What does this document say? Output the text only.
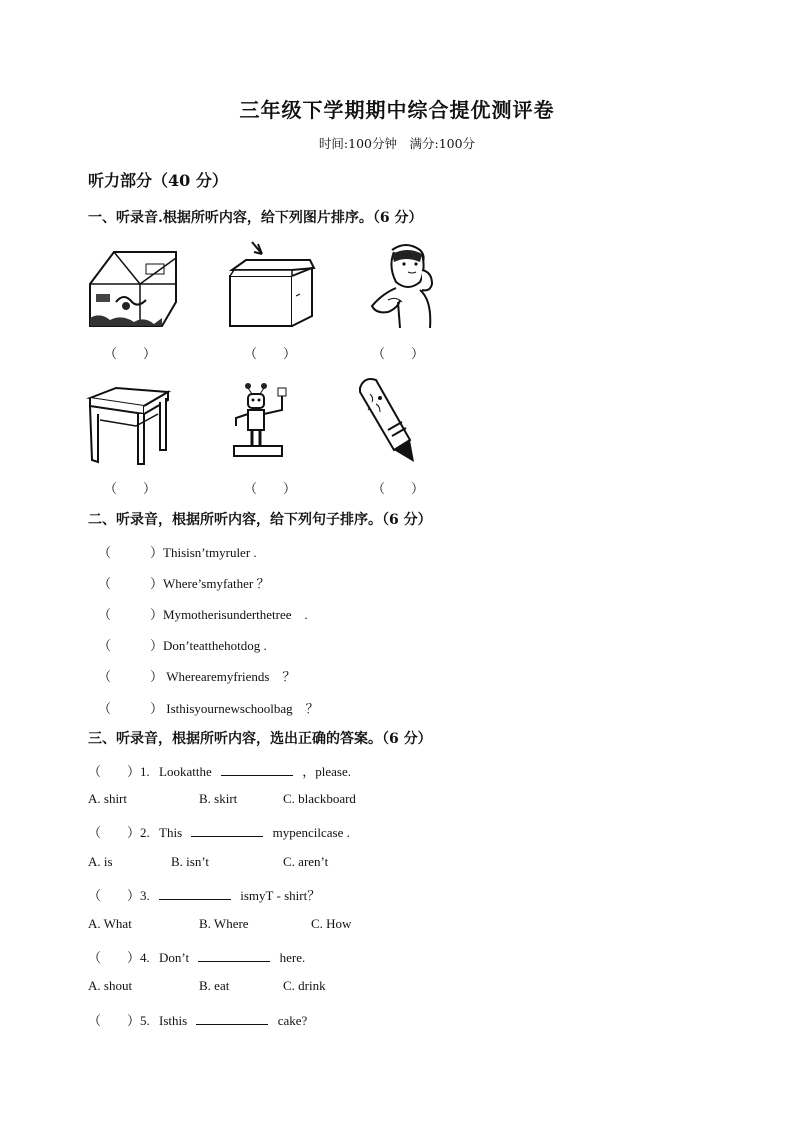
三年级下学期期中综合提优测评卷
时间:100分钟　满分:100分
听力部分（40 分）
一、听录音.根据所听内容，给下列图片排序。（6 分）
（　　）	（　　）	（　　）
（　　）	（　　）	（　　）
二、听录音，根据所听内容，给下列句子排序。（6 分）
（　　　）Thisisn’tmyruler .
（　　　）Where’smyfather ？
（　　　）Mymotherisunderthetree　.
（　　　）Don’teatthehotdog .
（　　　） Wherearemyfriends　？
（　　　） Isthisyournewschoolbag　？
三、听录音，根据所听内容，选出正确的答案。（6 分）
（　　）1. Lookatthe	，please.
A. shirt	B. skirt	C. blackboard
（　　）2. This	mypencilcase .
A. is	B. isn’t	C. aren’t
（　　）3.	ismyT - shirt？
A. What	B. Where	C. How
（　　）4. Don’t	here.
A. shout	B. eat	C. drink
（　　）5. Isthis	cake?
